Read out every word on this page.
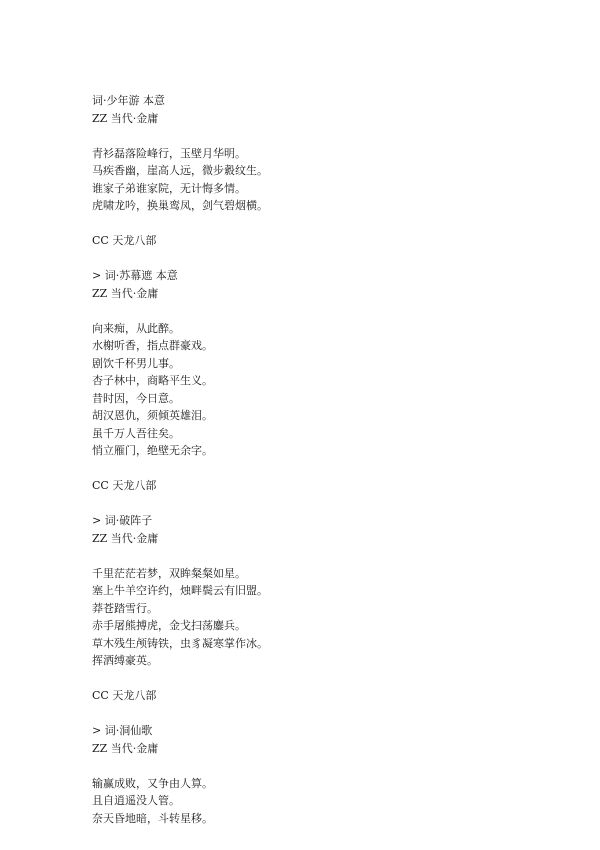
词·少年游 本意
ZZ 当代·金庸
青衫磊落险峰行，玉壁月华明。
马疾香幽，崖高人远，微步縠纹生。
谁家子弟谁家院，无计悔多情。
虎啸龙吟，换巢鸾凤，剑气碧烟横。
CC 天龙八部
> 词·苏幕遮 本意
ZZ 当代·金庸
向来痴，从此醉。
水榭听香，指点群豪戏。
剧饮千杯男儿事。
杏子林中，商略平生义。
昔时因，今日意。
胡汉恩仇，须倾英雄泪。
虽千万人吾往矣。
悄立雁门，绝壁无余字。
CC 天龙八部
> 词·破阵子
ZZ 当代·金庸
千里茫茫若梦，双眸粲粲如星。
塞上牛羊空许约，烛畔鬓云有旧盟。
莽苍踏雪行。
赤手屠熊搏虎，金戈扫荡鏖兵。
草木残生颅铸铁，虫豸凝寒掌作冰。
挥洒缚豪英。
CC 天龙八部
> 词·洞仙歌
ZZ 当代·金庸
输赢成败，又争由人算。
且自逍遥没人管。
奈天昏地暗，斗转星移。
